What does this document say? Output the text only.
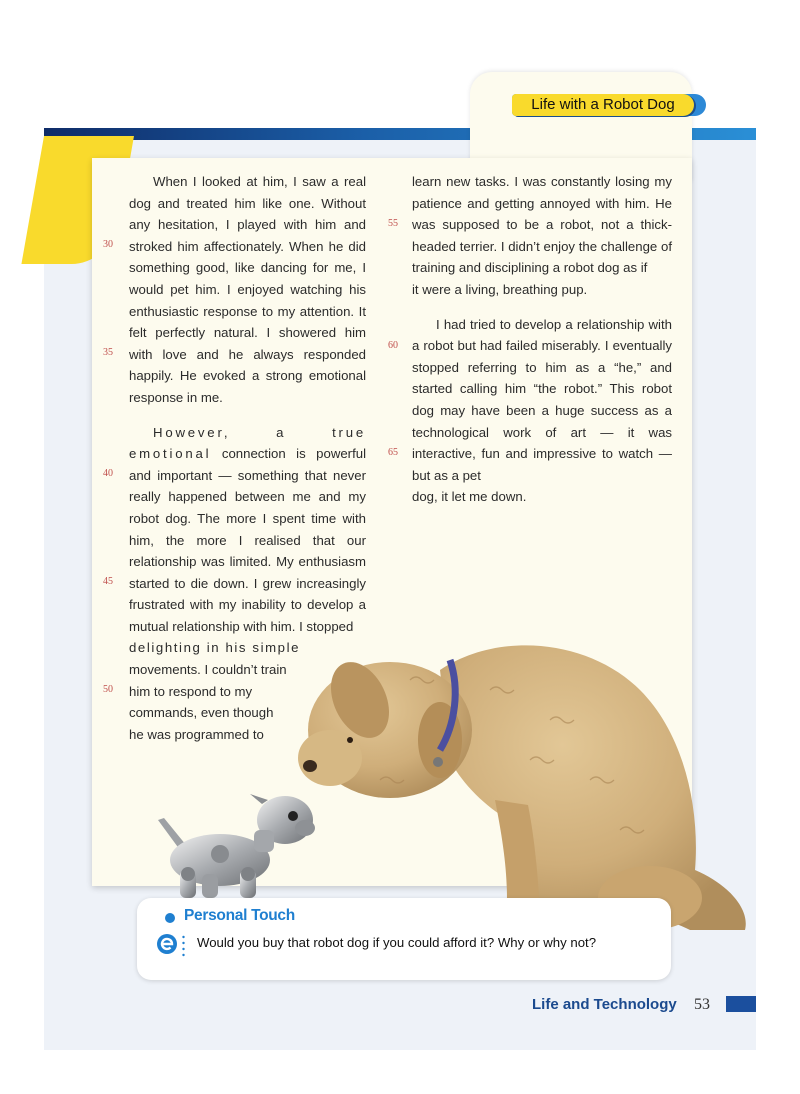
Life with a Robot Dog

When I looked at him, I saw a real dog and treated him like one. Without any hesitation, I played with him and stroked him affectionately. When he did something good, like dancing for me, I would pet him. I enjoyed watching his enthusiastic response to my attention. It felt perfectly natural. I showered him with love and he always responded happily. He evoked a strong emotional response in me.

However, a true emotional connection is powerful and important — something that never really happened between me and my robot dog. The more I spent time with him, the more I realised that our relationship was limited. My enthusiasm started to die down. I grew increasingly frustrated with my inability to develop a mutual relationship with him. I stopped
delighting in his simple
movements. I couldn’t train
him to respond to my
commands, even though
he was programmed to

learn new tasks. I was constantly losing my patience and getting annoyed with him. He was supposed to be a robot, not a thick- headed terrier. I didn’t enjoy the challenge of training and disciplining a robot dog as if
it were a living, breathing pup.

I had tried to develop a relationship with a robot but had failed miserably. I eventually stopped referring to him as a “he,” and started calling him “the robot.” This robot dog may have been a huge success as a technological work of art — it was interactive, fun and impressive to watch — but as a pet
dog, it let me down.

30
35
40
45
50
55
60
65
Personal Touch
Would you buy that robot dog if you could afford it? Why or why not?
Life and Technology 53
